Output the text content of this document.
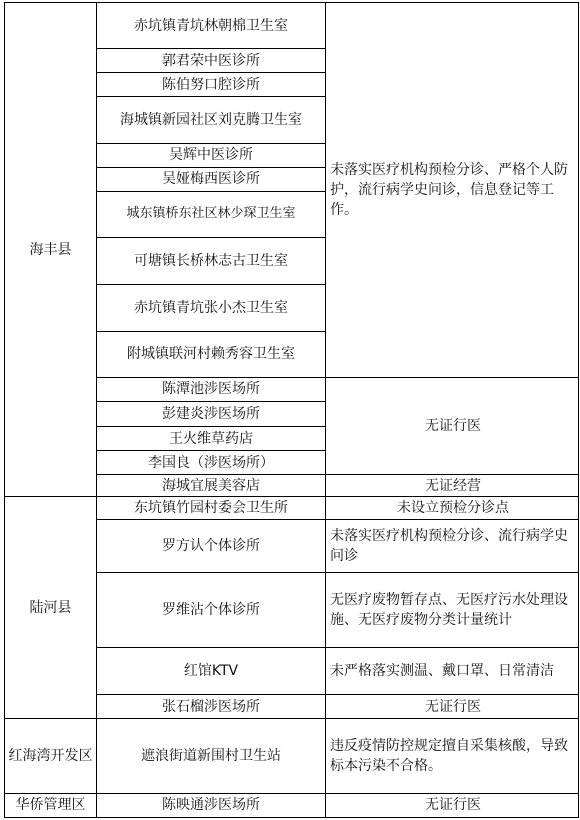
海丰县	赤坑镇青坑林朝棉卫生室	未落实医疗机构预检分诊、严格个人防护，流行病学史问诊，信息登记等工作。
	郭君荣中医诊所	
	陈伯努口腔诊所	
	海城镇新园社区刘克腾卫生室	
	吴辉中医诊所	
	吴娅梅西医诊所	
	城东镇桥东社区林少琛卫生室	
	可塘镇长桥林志古卫生室	
	赤坑镇青坑张小杰卫生室	
	附城镇联河村赖秀容卫生室	
	陈潭池涉医场所	无证行医
	彭建炎涉医场所	
	王火维草药店	
	李国良（涉医场所）	
	海城宜展美容店	无证经营
陆河县	东坑镇竹园村委会卫生所	未设立预检分诊点
	罗方认个体诊所	未落实医疗机构预检分诊、流行病学史问诊
	罗维沾个体诊所	无医疗废物暂存点、无医疗污水处理设施、无医疗废物分类计量统计
	红馆KTV	未严格落实测温、戴口罩、日常清洁
	张石榴涉医场所	无证行医
红海湾开发区	遮浪街道新围村卫生站	违反疫情防控规定擅自采集核酸，导致标本污染不合格。
华侨管理区	陈映通涉医场所	无证行医
